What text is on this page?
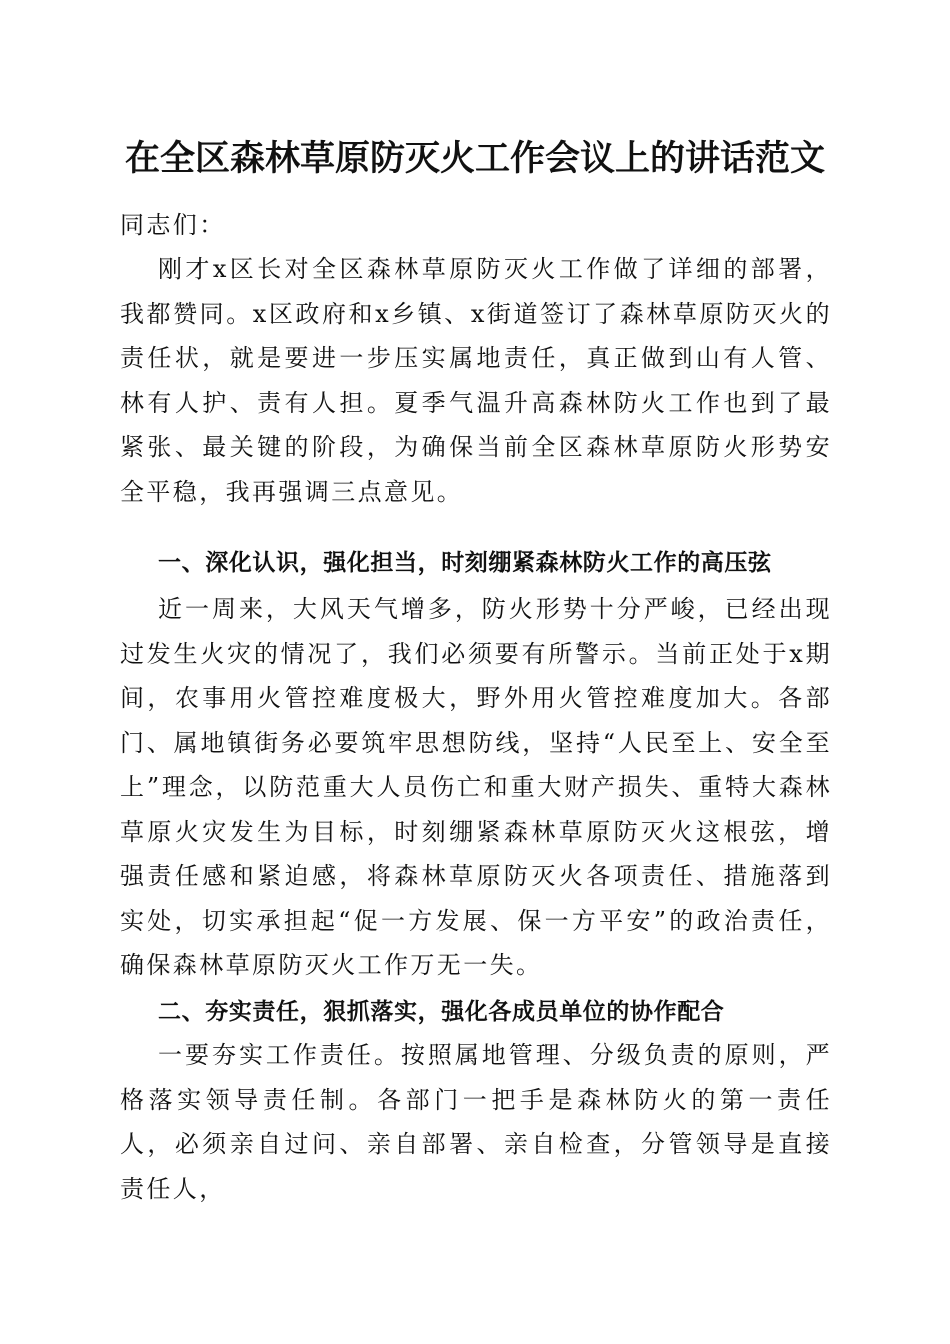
在全区森林草原防灭火工作会议上的讲话范文
同志们：
刚才x区长对全区森林草原防灭火工作做了详细的部署，我都赞同。x区政府和x乡镇、x街道签订了森林草原防灭火的责任状，就是要进一步压实属地责任，真正做到山有人管、林有人护、责有人担。夏季气温升高森林防火工作也到了最紧张、最关键的阶段，为确保当前全区森林草原防火形势安全平稳，我再强调三点意见。
一、深化认识，强化担当，时刻绷紧森林防火工作的高压弦
近一周来，大风天气增多，防火形势十分严峻，已经出现过发生火灾的情况了，我们必须要有所警示。当前正处于x期间，农事用火管控难度极大，野外用火管控难度加大。各部门、属地镇街务必要筑牢思想防线，坚持“人民至上、安全至上”理念，以防范重大人员伤亡和重大财产损失、重特大森林草原火灾发生为目标，时刻绷紧森林草原防灭火这根弦，增强责任感和紧迫感，将森林草原防灭火各项责任、措施落到实处，切实承担起“促一方发展、保一方平安”的政治责任，确保森林草原防灭火工作万无一失。
二、夯实责任，狠抓落实，强化各成员单位的协作配合
一要夯实工作责任。按照属地管理、分级负责的原则，严格落实领导责任制。各部门一把手是森林防火的第一责任人，必须亲自过问、亲自部署、亲自检查，分管领导是直接责任人，
